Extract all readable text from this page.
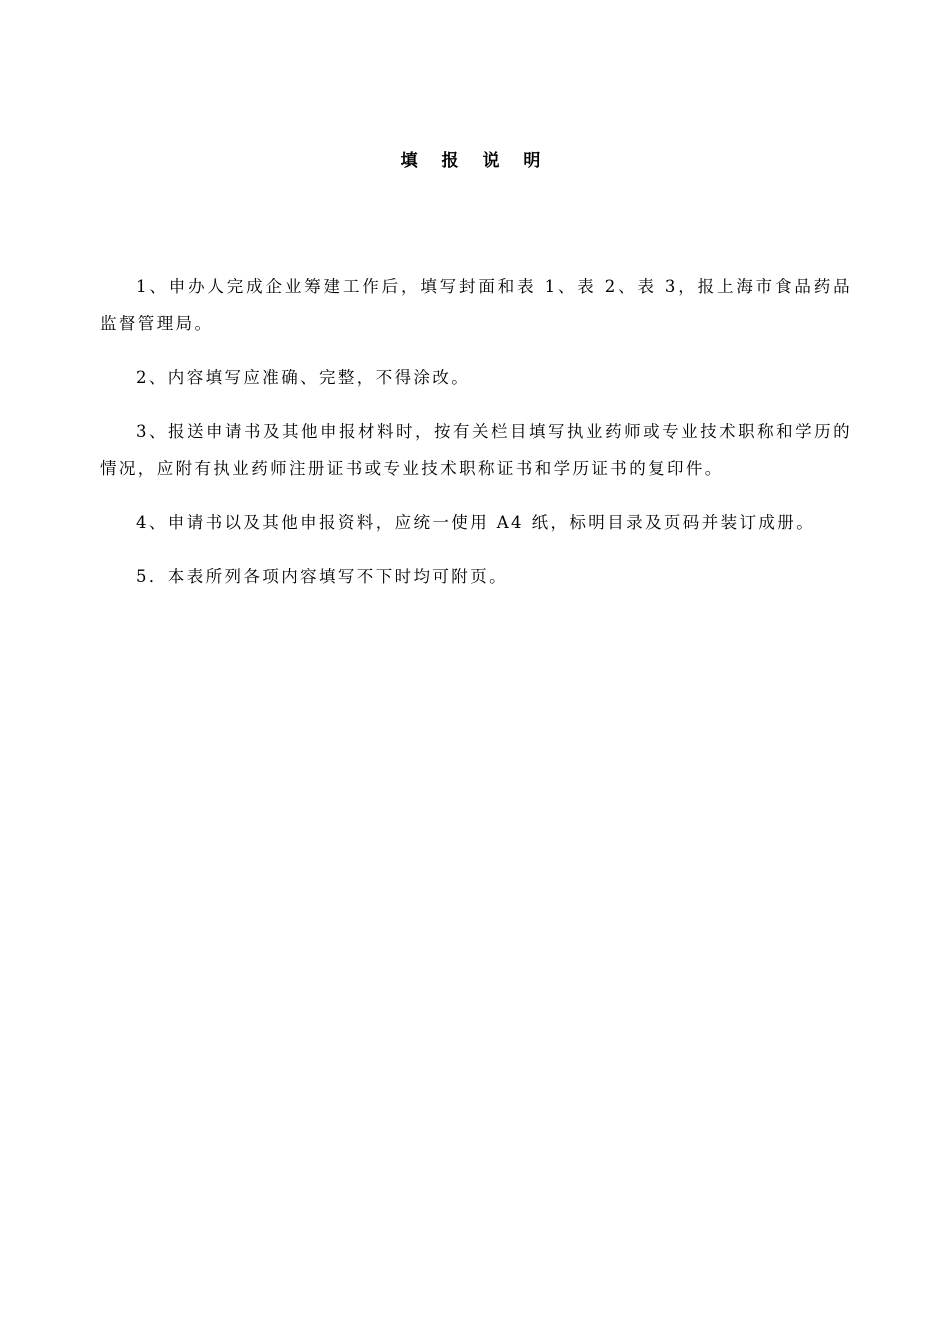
填 报 说 明

1、申办人完成企业筹建工作后，填写封面和表 1、表 2、表 3，报上海市食品药品监督管理局。

2、内容填写应准确、完整，不得涂改。

3、报送申请书及其他申报材料时，按有关栏目填写执业药师或专业技术职称和学历的情况，应附有执业药师注册证书或专业技术职称证书和学历证书的复印件。

4、申请书以及其他申报资料，应统一使用 A4 纸，标明目录及页码并装订成册。

5．本表所列各项内容填写不下时均可附页。
